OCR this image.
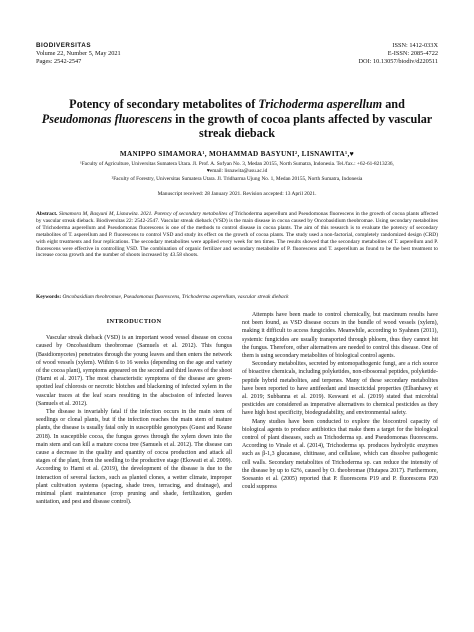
BIODIVERSITAS	ISSN: 1412-033X
Volume 22, Number 5, May 2021	E-ISSN: 2085-4722
Pages: 2542-2547	DOI: 10.13057/biodiv/d220511
Potency of secondary metabolites of Trichoderma asperellum and
Pseudomonas fluorescens in the growth of cocoa plants affected by vascular streak dieback
MANIPPO SIMAMORA¹, MOHAMMAD BASYUNI², LISNAWITA¹,♥
¹Faculty of Agriculture, Universitas Sumatera Utara. Jl. Prof. A. Sofyan No. 3, Medan 20155, North Sumatra, Indonesia. Tel./fax.: +62-61-8213236,
♥email: lisnawita@usu.ac.id
²Faculty of Forestry, Universitas Sumatera Utara. Jl. Tridharma Ujung No. 1, Medan 20155, North Sumatra, Indonesia
Manuscript received: 28 January 2021. Revision accepted: 13 April 2021.
Abstract. Simamora M, Basyuni M, Lisnawita. 2021. Potency of secondary metabolites of Trichoderma asperellum and Pseudomonas fluorescens in the growth of cocoa plants affected by vascular streak dieback. Biodiversitas 22: 2542-2547. Vascular streak dieback (VSD) is the main disease in cocoa caused by Oncobasidium theobromae. Using secondary metabolites of Trichoderma asperellum and Pseudomonas fluorescens is one of the methods to control disease in cocoa plants. The aim of this research is to evaluate the potency of secondary metabolites of T. asperellum and P. fluorescens to control VSD and study its effect on the growth of cocoa plants. The study used a non-factorial, completely randomized design (CRD) with eight treatments and four replications. The secondary metabolites were applied every week for ten times. The results showed that the secondary metabolites of T. asperellum and P. fluorescens were effective in controlling VSD. The combination of organic fertilizer and secondary metabolite of P. fluorescens and T. asperellum as found to be the best treatment to increase cocoa growth and the number of shoots increased by 43.58 shoots.
Keywords: Oncobasidium theobromae, Pseudomonas fluorescens, Trichoderma asperellum, vascular streak dieback
INTRODUCTION

Vascular streak dieback (VSD) is an important wood vessel disease on cocoa caused by Oncobasidium theobromae (Samuels et al. 2012). This fungus (Basidiomycetes) penetrates through the young leaves and then enters the network of wood vessels (xylem). Within 6 to 16 weeks (depending on the age and variety of the cocoa plant), symptoms appeared on the second and third leaves of the shoot (Harni et al. 2017). The most characteristic symptoms of the disease are green-spotted leaf chlorosis or necrotic blotches and blackening of infected xylem in the vascular traces at the leaf scars resulting in the abscission of infected leaves (Samuels et al. 2012).

The disease is invariably fatal if the infection occurs in the main stem of seedlings or clonal plants, but if the infection reaches the main stem of mature plants, the disease is usually fatal only in susceptible genotypes (Guest and Keane 2018). In susceptible cocoa, the fungus grows through the xylem down into the main stem and can kill a mature cocoa tree (Samuels et al. 2012). The disease can cause a decrease in the quality and quantity of cocoa production and attack all stages of the plant, from the seedling to the productive stage (Ekowati et al. 2009). According to Harni et al. (2019), the development of the disease is due to the interaction of several factors, such as planted clones, a wetter climate, improper plant cultivation systems (spacing, shade trees, terracing, and drainage), and minimal plant maintenance (crop pruning and shade, fertilization, garden sanitation, and pest and disease control).

Attempts have been made to control chemically, but maximum results have not been found, as VSD disease occurs in the bundle of wood vessels (xylem), making it difficult to access fungicides. Meanwhile, according to Syahnen (2011), systemic fungicides are usually transported through phloem, thus they cannot hit the fungus. Therefore, other alternatives are needed to control this disease. One of them is using secondary metabolites of biological control agents.

Secondary metabolites, secreted by entomopathogenic fungi, are a rich source of bioactive chemicals, including polyketides, non-ribosomal peptides, polyketide-peptide hybrid metabolites, and terpenes. Many of these secondary metabolites have been reported to have antifeedant and insecticidal properties (Elbanhawy et al. 2019; Subbanna et al. 2019). Keswani et al. (2019) stated that microbial pesticides are considered as imperative alternatives to chemical pesticides as they have high host specificity, biodegradability, and environmental safety.

Many studies have been conducted to explore the biocontrol capacity of biological agents to produce antibiotics that make them a target for the biological control of plant diseases, such as Trichoderma sp. and Pseudomonas fluorescens. According to Vinale et al. (2014), Trichoderma sp. produces hydrolytic enzymes such as β-1,3 glucanase, chitinase, and cellulase, which can dissolve pathogenic cell walls. Secondary metabolites of Trichoderma sp. can reduce the intensity of the disease by up to 62%, caused by O. theobromae (Hutapea 2017). Furthermore, Soesanto et al. (2005) reported that P. fluorescens P19 and P. fluorescens P20 could suppress
